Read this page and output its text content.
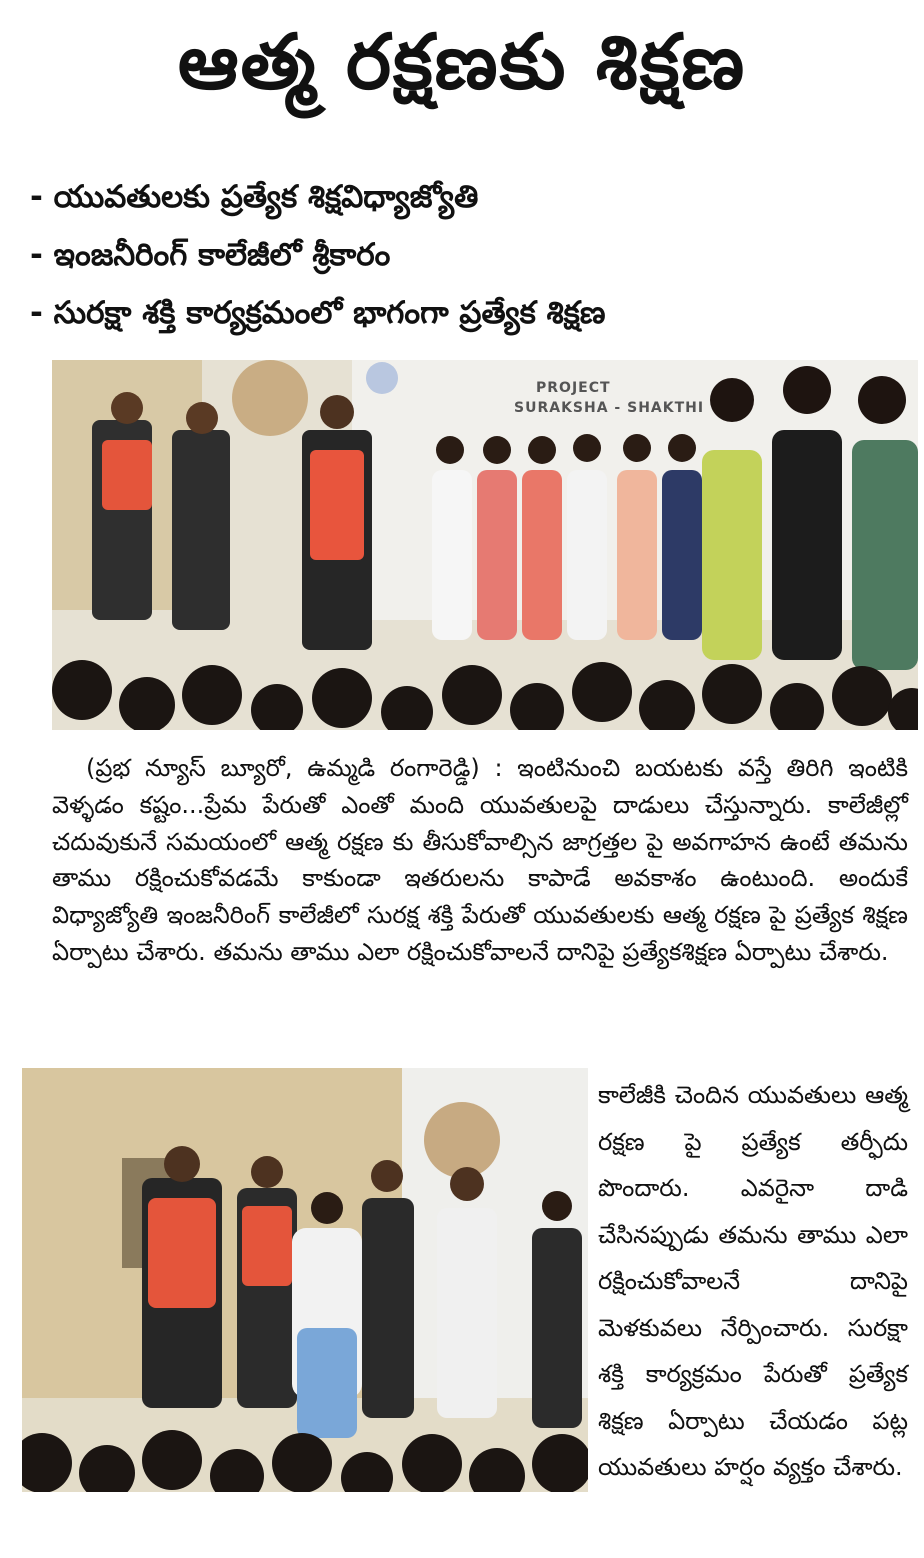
ఆత్మ రక్షణకు శిక్షణ
- యువతులకు ప్రత్యేక శిక్షవిధ్యాజ్యోతి
- ఇంజనీరింగ్ కాలేజీలో శ్రీకారం
- సురక్షా శక్తి కార్యక్రమంలో భాగంగా ప్రత్యేక శిక్షణ
PROJECT
SURAKSHA - SHAKTHI

(ప్రభ న్యూస్ బ్యూరో, ఉమ్మడి రంగారెడ్డి) : ఇంటినుంచి బయటకు వస్తే తిరిగి ఇంటికి వెళ్ళడం కష్టం...ప్రేమ పేరుతో ఎంతో మంది యువతులపై దాడులు చేస్తున్నారు. కాలేజీల్లో చదువుకునే సమయంలో ఆత్మ రక్షణ కు తీసుకోవాల్సిన జాగ్రత్తల పై అవగాహన ఉంటే తమను తాము రక్షించుకోవడమే కాకుండా ఇతరులను కాపాడే అవకాశం ఉంటుంది. అందుకే విధ్యాజ్యోతి ఇంజనీరింగ్ కాలేజీలో సురక్ష శక్తి పేరుతో యువతులకు ఆత్మ రక్షణ పై ప్రత్యేక శిక్షణ ఏర్పాటు చేశారు. తమను తాము ఎలా రక్షించుకోవాలనే దానిపై ప్రత్యేకశిక్షణ ఏర్పాటు చేశారు.

కాలేజీకి చెందిన యువతులు ఆత్మ రక్షణ పై ప్రత్యేక తర్ఫీదు పొందారు. ఎవరైనా దాడి చేసినప్పుడు తమను తాము ఎలా రక్షించుకోవాలనే దానిపై మెళకువలు నేర్పించారు. సురక్షా శక్తి కార్యక్రమం పేరుతో ప్రత్యేక శిక్షణ ఏర్పాటు చేయడం పట్ల యువతులు హర్షం వ్యక్తం చేశారు.
